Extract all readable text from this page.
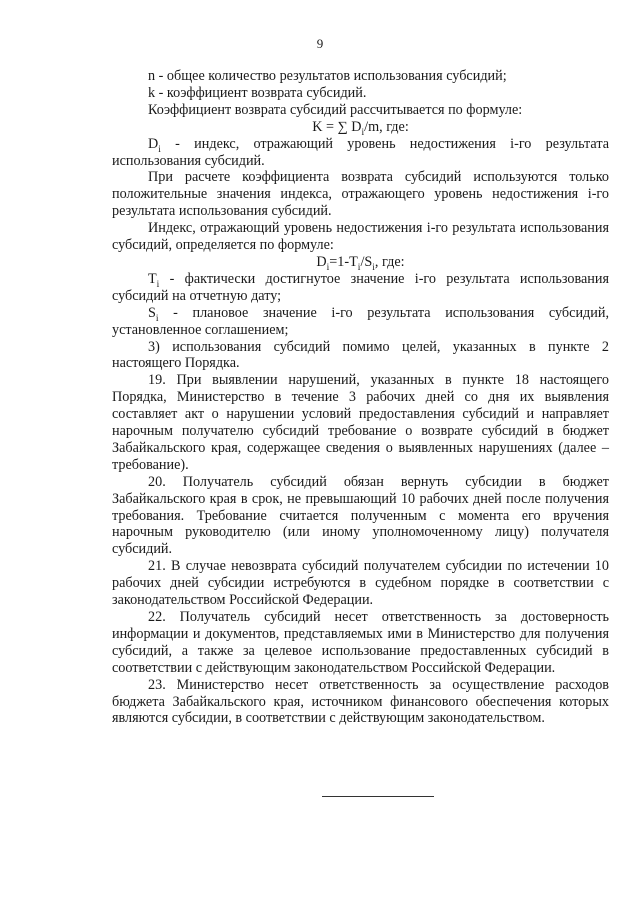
9

n - общее количество результатов использования субсидий;

k - коэффициент возврата субсидий.

Коэффициент возврата субсидий рассчитывается по формуле:

K = ∑ $D_i/m$, где:

$D_i$ - индекс, отражающий уровень недостижения i-го результата использования субсидий.

При расчете коэффициента возврата субсидий используются только положительные значения индекса, отражающего уровень недостижения i-го результата использования субсидий.

Индекс, отражающий уровень недостижения i-го результата использования субсидий, определяется по формуле:

$D_i=1-T_i/S_i$, где:

$T_i$ - фактически достигнутое значение i-го результата использования субсидий на отчетную дату;

$S_i$ - плановое значение i-го результата использования субсидий, установленное соглашением;

3) использования субсидий помимо целей, указанных в пункте 2 настоящего Порядка.

19. При выявлении нарушений, указанных в пункте 18 настоящего Порядка, Министерство в течение 3 рабочих дней со дня их выявления составляет акт о нарушении условий предоставления субсидий и направляет нарочным получателю субсидий требование о возврате субсидий в бюджет Забайкальского края, содержащее сведения о выявленных нарушениях (далее – требование).

20. Получатель субсидий обязан вернуть субсидии в бюджет Забайкальского края в срок, не превышающий 10 рабочих дней после получения требования. Требование считается полученным с момента его вручения нарочным руководителю (или иному уполномоченному лицу) получателя субсидий.

21. В случае невозврата субсидий получателем субсидии по истечении 10 рабочих дней субсидии истребуются в судебном порядке в соответствии с законодательством Российской Федерации.

22. Получатель субсидий несет ответственность за достоверность информации и документов, представляемых ими в Министерство для получения субсидий, а также за целевое использование предоставленных субсидий в соответствии с действующим законодательством Российской Федерации.

23. Министерство несет ответственность за осуществление расходов бюджета Забайкальского края, источником финансового обеспечения которых являются субсидии, в соответствии с действующим законодательством.
